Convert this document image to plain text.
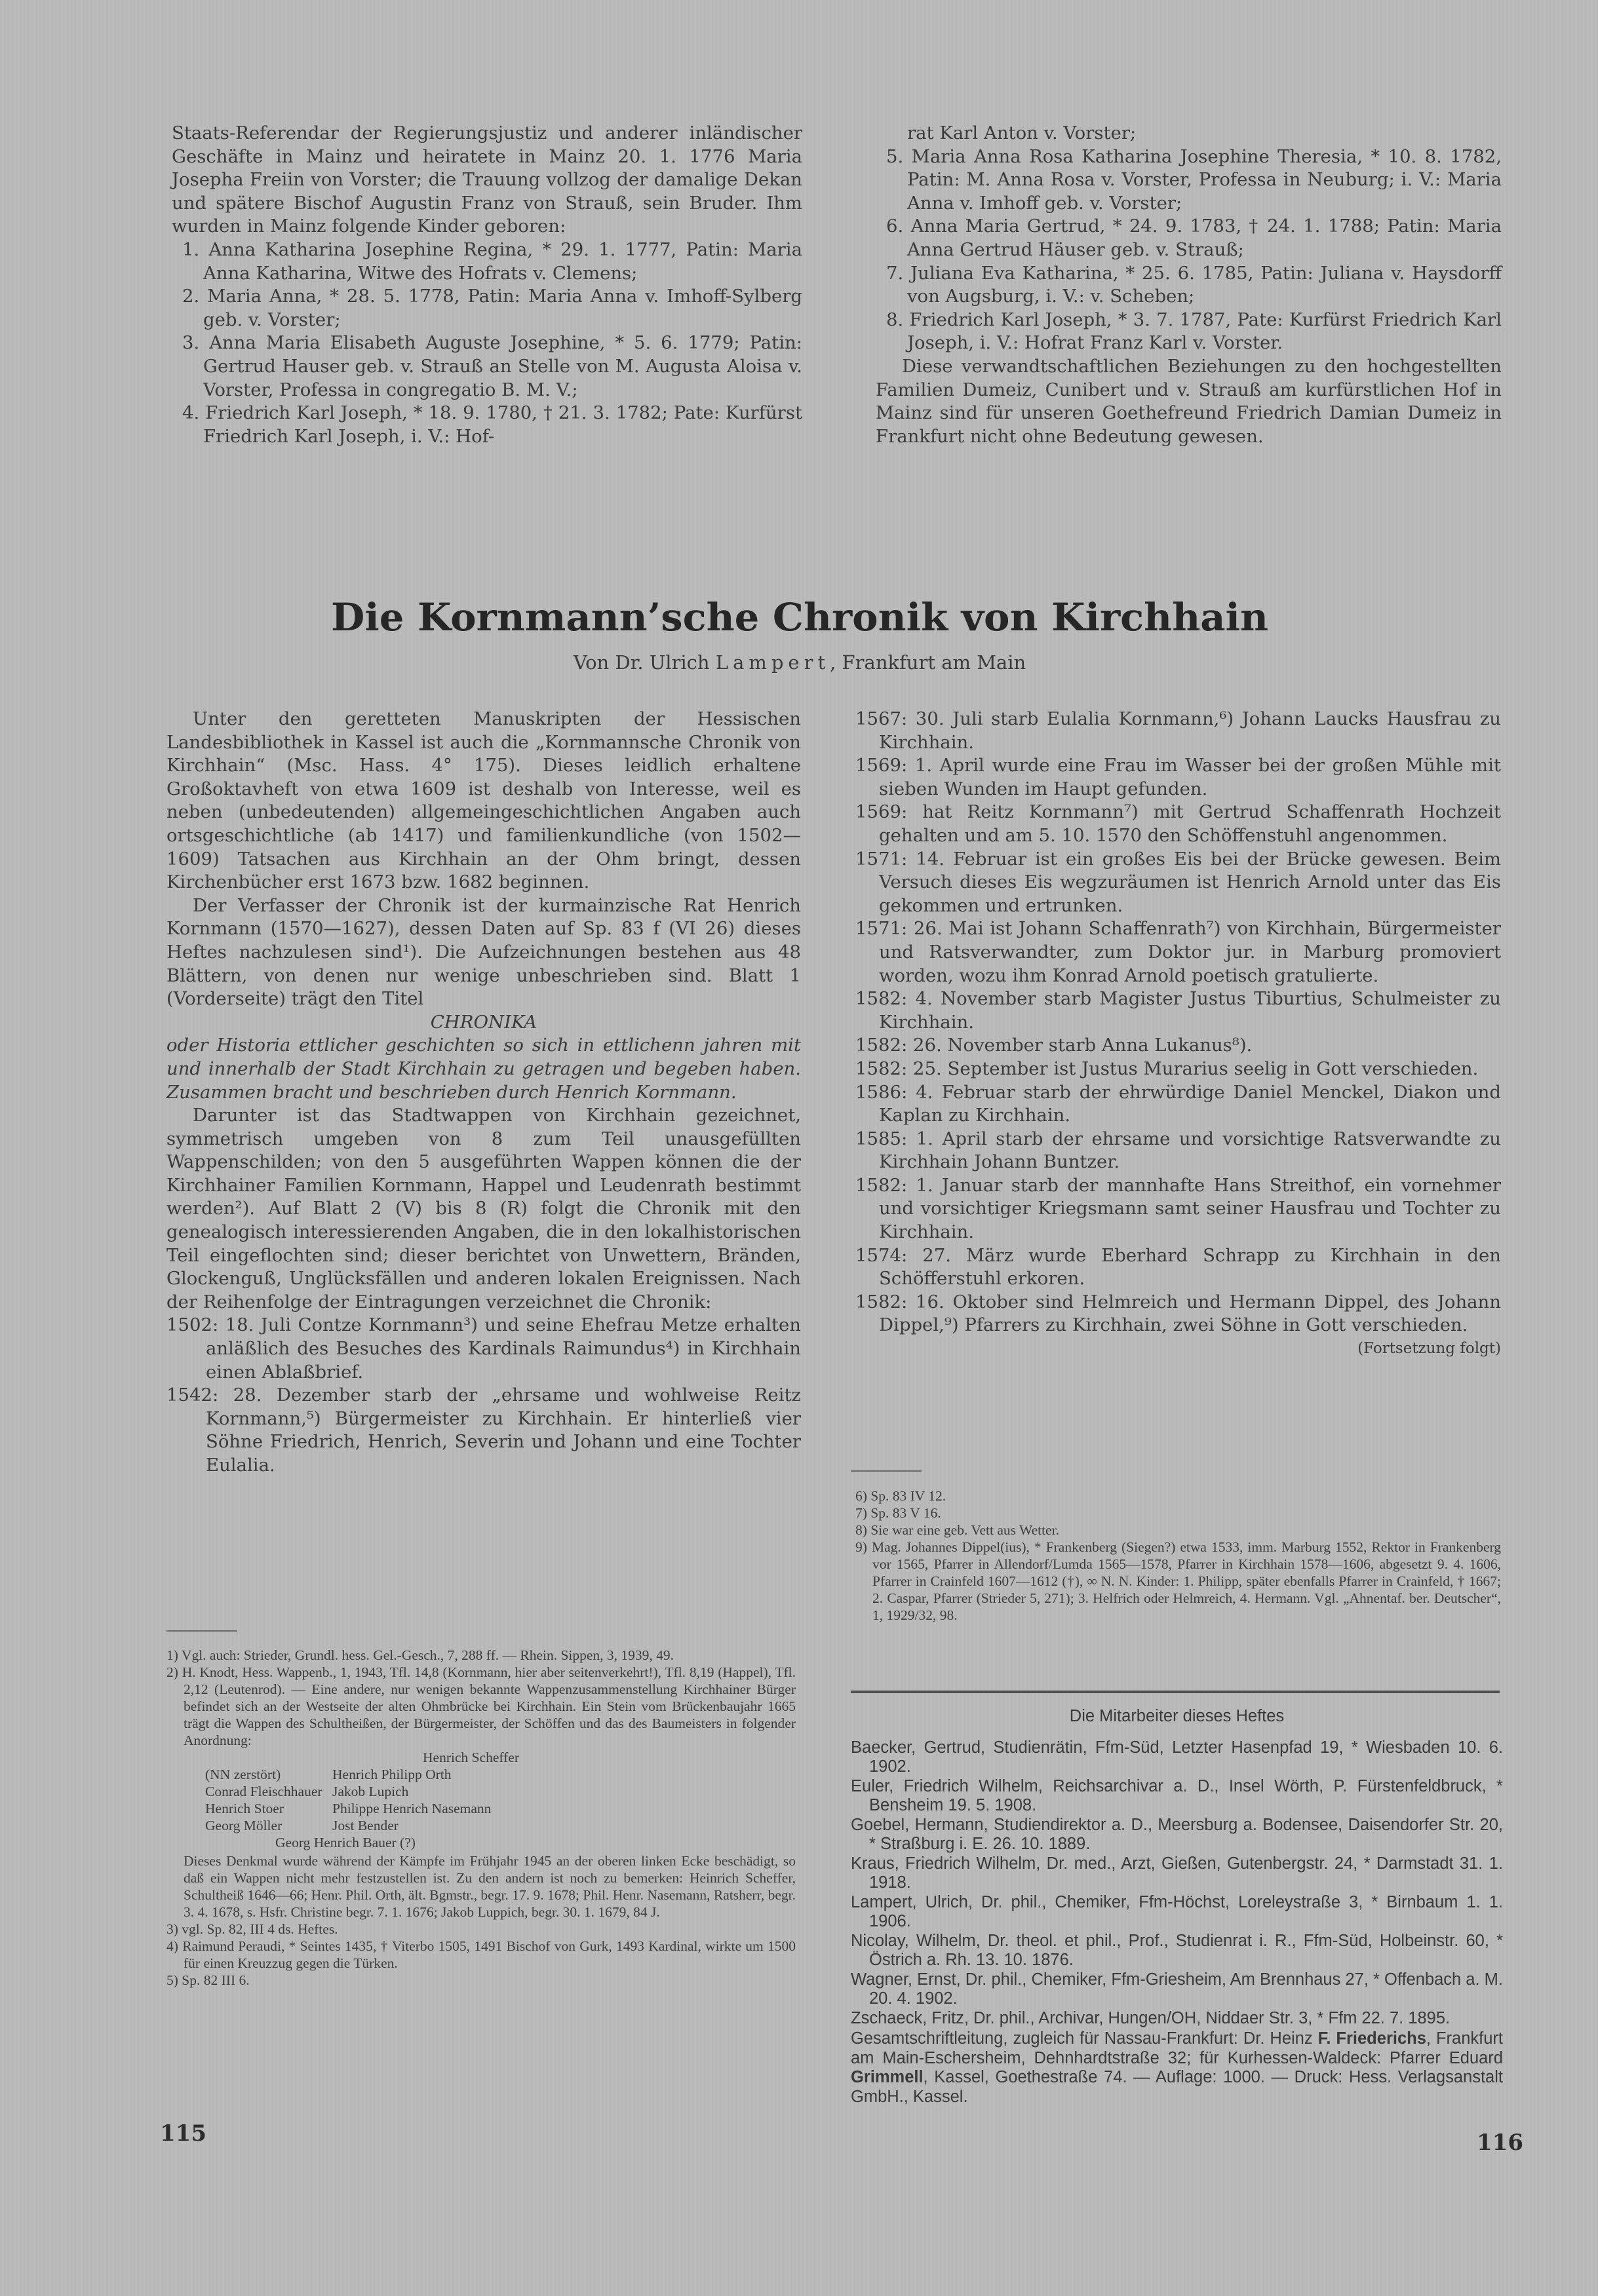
Staats-Referendar der Regierungsjustiz und anderer inländischer Geschäfte in Mainz und heiratete in Mainz 20. 1. 1776 Maria Josepha Freiin von Vorster; die Trauung vollzog der damalige Dekan und spätere Bischof Augustin Franz von Strauß, sein Bruder. Ihm wurden in Mainz folgende Kinder geboren:

1. Anna Katharina Josephine Regina, * 29. 1. 1777, Patin: Maria Anna Katharina, Witwe des Hofrats v. Clemens;

2. Maria Anna, * 28. 5. 1778, Patin: Maria Anna v. Imhoff-Sylberg geb. v. Vorster;

3. Anna Maria Elisabeth Auguste Josephine, * 5. 6. 1779; Patin: Gertrud Hauser geb. v. Strauß an Stelle von M. Augusta Aloisa v. Vorster, Professa in congregatio B. M. V.;

4. Friedrich Karl Joseph, * 18. 9. 1780, † 21. 3. 1782; Pate: Kurfürst Friedrich Karl Joseph, i. V.: Hof-

rat Karl Anton v. Vorster;

5. Maria Anna Rosa Katharina Josephine Theresia, * 10. 8. 1782, Patin: M. Anna Rosa v. Vorster, Professa in Neuburg; i. V.: Maria Anna v. Imhoff geb. v. Vorster;

6. Anna Maria Gertrud, * 24. 9. 1783, † 24. 1. 1788; Patin: Maria Anna Gertrud Häuser geb. v. Strauß;

7. Juliana Eva Katharina, * 25. 6. 1785, Patin: Juliana v. Haysdorff von Augsburg, i. V.: v. Scheben;

8. Friedrich Karl Joseph, * 3. 7. 1787, Pate: Kurfürst Friedrich Karl Joseph, i. V.: Hofrat Franz Karl v. Vorster.

Diese verwandtschaftlichen Beziehungen zu den hochgestellten Familien Dumeiz, Cunibert und v. Strauß am kurfürstlichen Hof in Mainz sind für unseren Goethefreund Friedrich Damian Dumeiz in Frankfurt nicht ohne Bedeutung gewesen.

Die Kornmann’sche Chronik von Kirchhain
Von Dr. Ulrich Lampert, Frankfurt am Main

Unter den geretteten Manuskripten der Hessischen Landesbibliothek in Kassel ist auch die „Kornmannsche Chronik von Kirchhain“ (Msc. Hass. 4° 175). Dieses leidlich erhaltene Großoktavheft von etwa 1609 ist deshalb von Interesse, weil es neben (unbedeutenden) allgemeingeschichtlichen Angaben auch ortsgeschichtliche (ab 1417) und familienkundliche (von 1502—1609) Tatsachen aus Kirchhain an der Ohm bringt, dessen Kirchenbücher erst 1673 bzw. 1682 beginnen.

Der Verfasser der Chronik ist der kurmainzische Rat Henrich Kornmann (1570—1627), dessen Daten auf Sp. 83 f (VI 26) dieses Heftes nachzulesen sind¹). Die Aufzeichnungen bestehen aus 48 Blättern, von denen nur wenige unbeschrieben sind. Blatt 1 (Vorderseite) trägt den Titel

CHRONIKA

oder Historia ettlicher geschichten so sich in ettlichenn jahren mit und innerhalb der Stadt Kirchhain zu getragen und begeben haben. Zusammen bracht und beschrieben durch Henrich Kornmann.

Darunter ist das Stadtwappen von Kirchhain gezeichnet, symmetrisch umgeben von 8 zum Teil unausgefüllten Wappenschilden; von den 5 ausgeführten Wappen können die der Kirchhainer Familien Kornmann, Happel und Leudenrath bestimmt werden²). Auf Blatt 2 (V) bis 8 (R) folgt die Chronik mit den genealogisch interessierenden Angaben, die in den lokalhistorischen Teil eingeflochten sind; dieser berichtet von Unwettern, Bränden, Glockenguß, Unglücksfällen und anderen lokalen Ereignissen. Nach der Reihenfolge der Eintragungen verzeichnet die Chronik:

1502: 18. Juli Contze Kornmann³) und seine Ehefrau Metze erhalten anläßlich des Besuches des Kardinals Raimundus⁴) in Kirchhain einen Ablaßbrief.

1542: 28. Dezember starb der „ehrsame und wohlweise Reitz Kornmann,⁵) Bürgermeister zu Kirchhain. Er hinterließ vier Söhne Friedrich, Henrich, Severin und Johann und eine Tochter Eulalia.

1567: 30. Juli starb Eulalia Kornmann,⁶) Johann Laucks Hausfrau zu Kirchhain.

1569: 1. April wurde eine Frau im Wasser bei der großen Mühle mit sieben Wunden im Haupt gefunden.

1569: hat Reitz Kornmann⁷) mit Gertrud Schaffenrath Hochzeit gehalten und am 5. 10. 1570 den Schöffenstuhl angenommen.

1571: 14. Februar ist ein großes Eis bei der Brücke gewesen. Beim Versuch dieses Eis wegzuräumen ist Henrich Arnold unter das Eis gekommen und ertrunken.

1571: 26. Mai ist Johann Schaffenrath⁷) von Kirchhain, Bürgermeister und Ratsverwandter, zum Doktor jur. in Marburg promoviert worden, wozu ihm Konrad Arnold poetisch gratulierte.

1582: 4. November starb Magister Justus Tiburtius, Schulmeister zu Kirchhain.

1582: 26. November starb Anna Lukanus⁸).

1582: 25. September ist Justus Murarius seelig in Gott verschieden.

1586: 4. Februar starb der ehrwürdige Daniel Menckel, Diakon und Kaplan zu Kirchhain.

1585: 1. April starb der ehrsame und vorsichtige Ratsverwandte zu Kirchhain Johann Buntzer.

1582: 1. Januar starb der mannhafte Hans Streithof, ein vornehmer und vorsichtiger Kriegsmann samt seiner Hausfrau und Tochter zu Kirchhain.

1574: 27. März wurde Eberhard Schrapp zu Kirchhain in den Schöfferstuhl erkoren.

1582: 16. Oktober sind Helmreich und Hermann Dippel, des Johann Dippel,⁹) Pfarrers zu Kirchhain, zwei Söhne in Gott verschieden.
(Fortsetzung folgt)

1) Vgl. auch: Strieder, Grundl. hess. Gel.-Gesch., 7, 288 ff. — Rhein. Sippen, 3, 1939, 49.

2) H. Knodt, Hess. Wappenb., 1, 1943, Tfl. 14,8 (Kornmann, hier aber seitenverkehrt!), Tfl. 8,19 (Happel), Tfl. 2,12 (Leutenrod). — Eine andere, nur wenigen bekannte Wappenzusammenstellung Kirchhainer Bürger befindet sich an der Westseite der alten Ohmbrücke bei Kirchhain. Ein Stein vom Brückenbaujahr 1665 trägt die Wappen des Schultheißen, der Bürgermeister, der Schöffen und das des Baumeisters in folgender Anordnung:

Henrich Scheffer
(NN zerstört)
Conrad Fleischhauer
Henrich Stoer
Georg Möller
Henrich Philipp Orth
Jakob Lupich
Philippe Henrich Nasemann
Jost Bender
Georg Henrich Bauer (?)

Dieses Denkmal wurde während der Kämpfe im Frühjahr 1945 an der oberen linken Ecke beschädigt, so daß ein Wappen nicht mehr festzustellen ist. Zu den andern ist noch zu bemerken: Heinrich Scheffer, Schultheiß 1646—66; Henr. Phil. Orth, ält. Bgmstr., begr. 17. 9. 1678; Phil. Henr. Nasemann, Ratsherr, begr. 3. 4. 1678, s. Hsfr. Christine begr. 7. 1. 1676; Jakob Luppich, begr. 30. 1. 1679, 84 J.

3) vgl. Sp. 82, III 4 ds. Heftes.

4) Raimund Peraudi, * Seintes 1435, † Viterbo 1505, 1491 Bischof von Gurk, 1493 Kardinal, wirkte um 1500 für einen Kreuzzug gegen die Türken.

5) Sp. 82 III 6.

6) Sp. 83 IV 12.

7) Sp. 83 V 16.

8) Sie war eine geb. Vett aus Wetter.

9) Mag. Johannes Dippel(ius), * Frankenberg (Siegen?) etwa 1533, imm. Marburg 1552, Rektor in Frankenberg vor 1565, Pfarrer in Allendorf/Lumda 1565—1578, Pfarrer in Kirchhain 1578—1606, abgesetzt 9. 4. 1606, Pfarrer in Crainfeld 1607—1612 (†), ∞ N. N. Kinder: 1. Philipp, später ebenfalls Pfarrer in Crainfeld, † 1667; 2. Caspar, Pfarrer (Strieder 5, 271); 3. Helfrich oder Helmreich, 4. Hermann. Vgl. „Ahnentaf. ber. Deutscher“, 1, 1929/32, 98.

Die Mitarbeiter dieses Heftes

Baecker, Gertrud, Studienrätin, Ffm-Süd, Letzter Hasenpfad 19, * Wiesbaden 10. 6. 1902.

Euler, Friedrich Wilhelm, Reichsarchivar a. D., Insel Wörth, P. Fürstenfeldbruck, * Bensheim 19. 5. 1908.

Goebel, Hermann, Studiendirektor a. D., Meersburg a. Bodensee, Daisendorfer Str. 20, * Straßburg i. E. 26. 10. 1889.

Kraus, Friedrich Wilhelm, Dr. med., Arzt, Gießen, Gutenbergstr. 24, * Darmstadt 31. 1. 1918.

Lampert, Ulrich, Dr. phil., Chemiker, Ffm-Höchst, Loreleystraße 3, * Birnbaum 1. 1. 1906.

Nicolay, Wilhelm, Dr. theol. et phil., Prof., Studienrat i. R., Ffm-Süd, Holbeinstr. 60, * Östrich a. Rh. 13. 10. 1876.

Wagner, Ernst, Dr. phil., Chemiker, Ffm-Griesheim, Am Brennhaus 27, * Offenbach a. M. 20. 4. 1902.

Zschaeck, Fritz, Dr. phil., Archivar, Hungen/OH, Niddaer Str. 3, * Ffm 22. 7. 1895.

Gesamtschriftleitung, zugleich für Nassau-Frankfurt: Dr. Heinz F. Friederichs, Frankfurt am Main-Eschersheim, Dehnhardtstraße 32; für Kurhessen-Waldeck: Pfarrer Eduard Grimmell, Kassel, Goethestraße 74. — Auflage: 1000. — Druck: Hess. Verlagsanstalt GmbH., Kassel.

115	116
